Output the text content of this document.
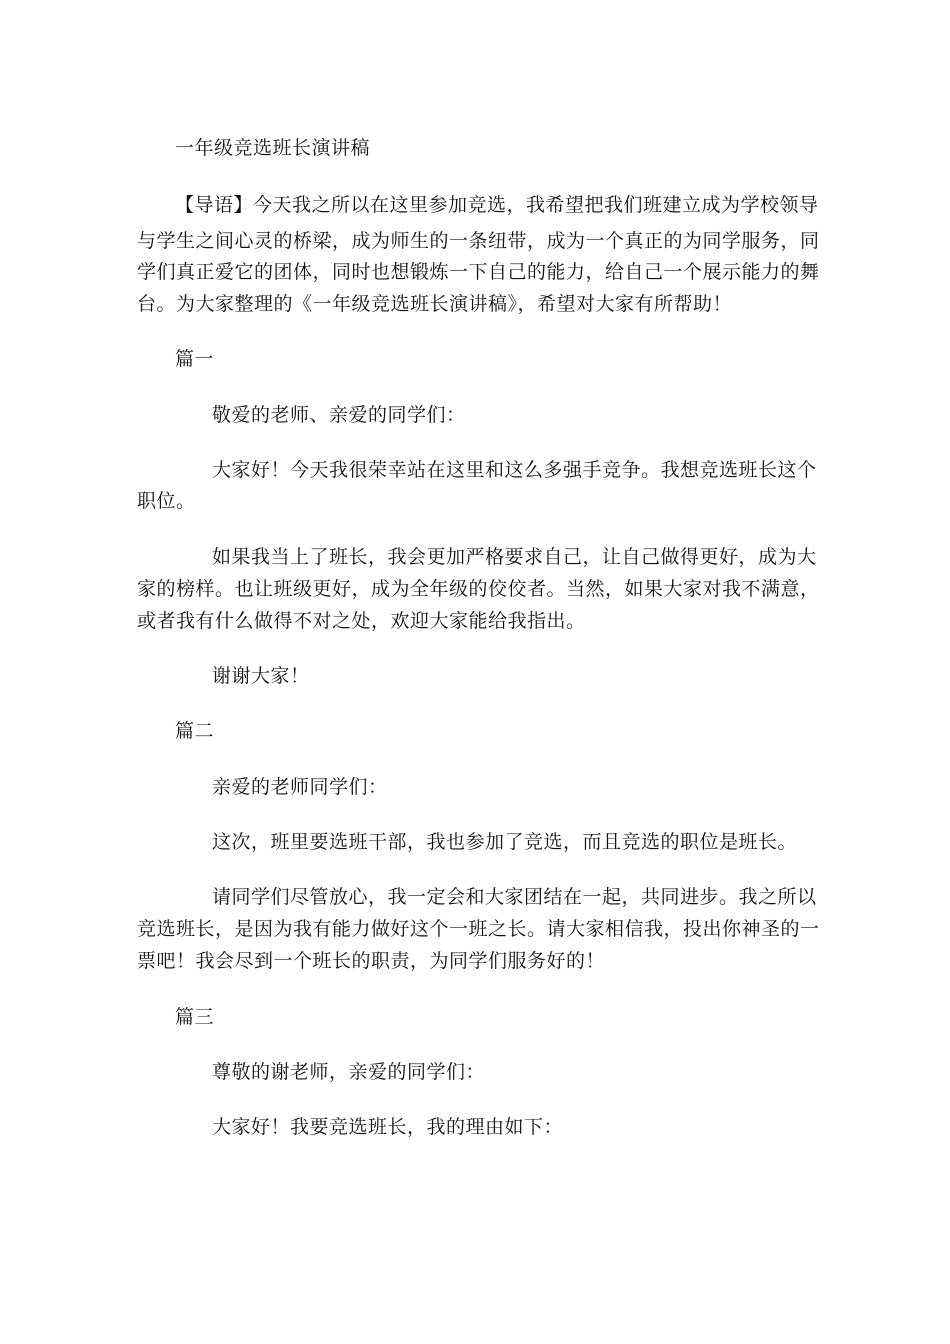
一年级竞选班长演讲稿
【导语】今天我之所以在这里参加竞选，我希望把我们班建立成为学校领导
与学生之间心灵的桥梁，成为师生的一条纽带，成为一个真正的为同学服务，同
学们真正爱它的团体，同时也想锻炼一下自己的能力，给自己一个展示能力的舞
台。为大家整理的《一年级竞选班长演讲稿》，希望对大家有所帮助！
篇一
敬爱的老师、亲爱的同学们：
大家好！今天我很荣幸站在这里和这么多强手竞争。我想竞选班长这个
职位。
如果我当上了班长，我会更加严格要求自己，让自己做得更好，成为大
家的榜样。也让班级更好，成为全年级的佼佼者。当然，如果大家对我不满意，
或者我有什么做得不对之处，欢迎大家能给我指出。
谢谢大家！
篇二
亲爱的老师同学们：
这次，班里要选班干部，我也参加了竞选，而且竞选的职位是班长。
请同学们尽管放心，我一定会和大家团结在一起，共同进步。我之所以
竞选班长，是因为我有能力做好这个一班之长。请大家相信我，投出你神圣的一
票吧！我会尽到一个班长的职责，为同学们服务好的！
篇三
尊敬的谢老师，亲爱的同学们：
大家好！我要竞选班长，我的理由如下：
